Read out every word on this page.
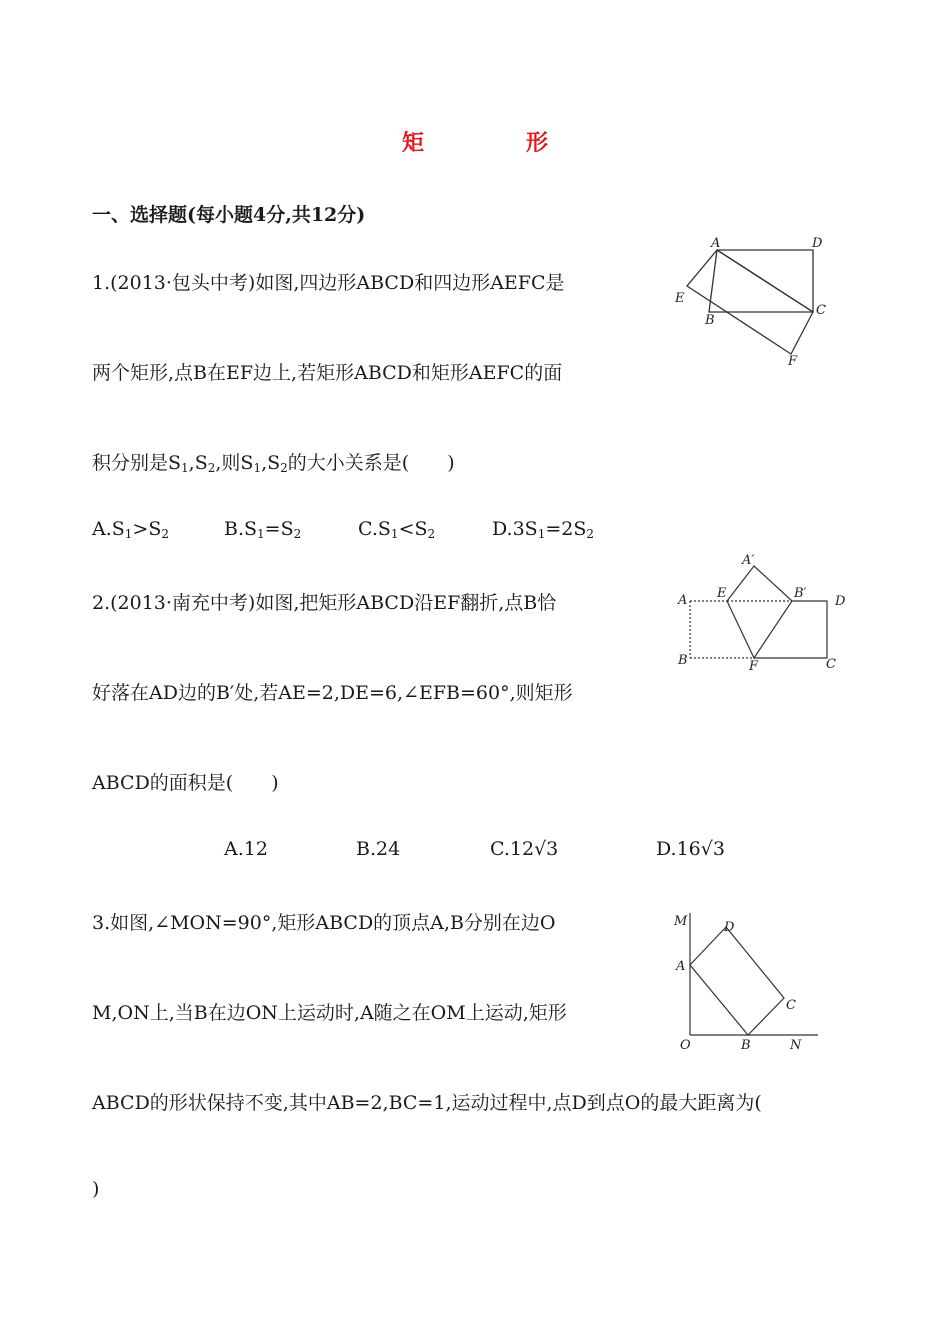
矩　形
一、选择题(每小题4分,共12分)
1.(2013·包头中考)如图,四边形ABCD和四边形AEFC是
两个矩形,点B在EF边上,若矩形ABCD和矩形AEFC的面
积分别是$S_1,S_2$,则$S_1,S_2$的大小关系是(　　)
$A.S_1>S_2$	$B.S_1=S_2$	$C.S_1<S_2$	$D.3S_1=2S_2$
A	D
E
B
C
F
2.(2013·南充中考)如图,把矩形ABCD沿EF翻折,点B恰
好落在AD边的B′处,若AE=2,DE=6,∠EFB=60°,则矩形
ABCD的面积是(　　)
A.12	B.24	C.12√3	D.16√3
A′
A E	B′
D
B	F	C
3.如图,∠MON=90°,矩形ABCD的顶点A,B分别在边O
M,ON上,当B在边ON上运动时,A随之在OM上运动,矩形
ABCD的形状保持不变,其中AB=2,BC=1,运动过程中,点D到点O的最大距离为(
)
M	D
A
C
O	B	N
